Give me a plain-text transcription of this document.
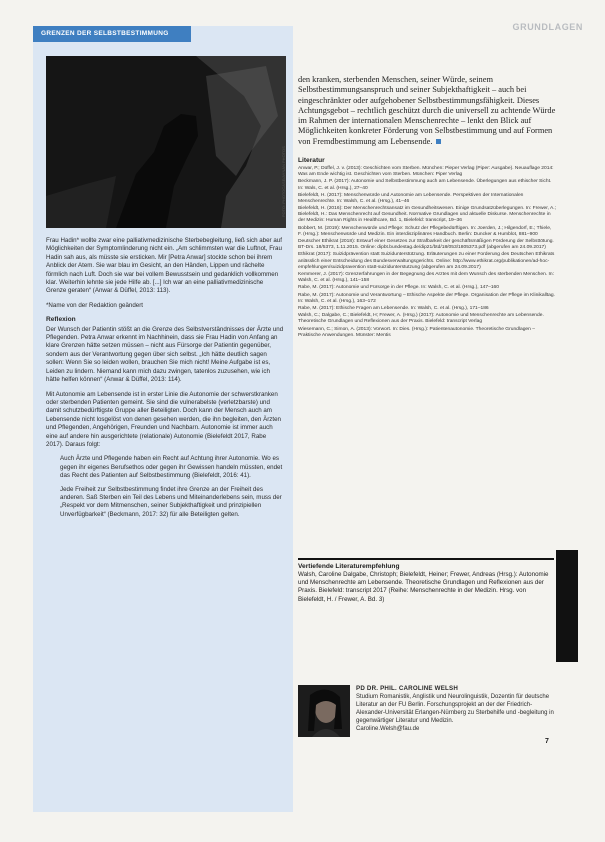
GRUNDLAGEN
GRENZEN DER SELBSTBESTIMMUNG
FOTO: PHOTOCASE/AYNAN PHOTOS

Frau Hadin* wollte zwar eine palliativmedizinische Sterbebegleitung, ließ sich aber auf Möglichkeiten der Symptomlinderung nicht ein. „Am schlimmsten war die Luftnot, Frau Hadin sah aus, als müsste sie ersticken. Mir [Petra Anwar] stockte schon bei ihrem Anblick der Atem. Sie war blau im Gesicht, an den Händen, Lippen und rächelte förmlich nach Luft. Doch sie war bei vollem Bewusstsein und gedanklich vollkommen klar. Weiterhin lehnte sie jede Hilfe ab. [...] Ich war an eine palliativmedizinische Grenze geraten“ (Anwar & Düffel, 2013: 113).

*Name von der Redaktion geändert

Reflexion

Der Wunsch der Patientin stößt an die Grenze des Selbstverständnisses der Ärzte und Pflegenden. Petra Anwar erkennt im Nachhinein, dass sie Frau Hadin von Anfang an klare Grenzen hätte setzen müssen – nicht aus Fürsorge der Patientin gegenüber, sondern aus der Verantwortung gegen über sich selbst. „Ich hätte deutlich sagen sollen: Wenn Sie so leiden wollen, brauchen Sie mich nicht! Meine Aufgabe ist es, Leiden zu lindern. Niemand kann mich dazu zwingen, tatenlos zuzusehen, wie ich hätte helfen können“ (Anwar & Düffel, 2013: 114).

Mit Autonomie am Lebensende ist in erster Linie die Autonomie der schwerstkranken oder sterbenden Patienten gemeint. Sie sind die vulnerabelste (verletzbarste) und damit schutzbedürftigste Gruppe aller Beteiligten. Doch kann der Mensch auch am Lebensende nicht losgelöst von denen gesehen werden, die ihn begleiten, den Ärzten und Pflegenden, Angehörigen, Freunden und Nachbarn. Autonomie ist immer auch eine auf andere hin ausgerichtete (relationale) Autonomie (Bielefeldt 2017, Rabe 2017). Daraus folgt:

Auch Ärzte und Pflegende haben ein Recht auf Achtung ihrer Autonomie. Wo es gegen ihr eigenes Berufsethos oder gegen ihr Gewissen handeln müssten, endet das Recht des Patienten auf Selbstbestimmung (Bielefeldt, 2016: 41).
Jede Freiheit zur Selbstbestimmung findet ihre Grenze an der Freiheit des anderen. Saß Sterben ein Teil des Lebens und Miteinanderlebens sein, muss der „Respekt vor dem Mitmenschen, seiner Subjekthaftigkeit und prinzipiellen Unverfügbarkeit“ (Beckmann, 2017: 32) für alle Beteiligten gelten.

den kranken, sterbenden Menschen, seiner Würde, seinem Selbstbestimmungsanspruch und seiner Subjekthaftigkeit – auch bei eingeschränkter oder aufgehobener Selbstbestimmungsfähigkeit. Dieses Achtungsgebot – rechtlich geschützt durch die universell zu achtende Würde im Rahmen der internationalen Menschenrechte – lenkt den Blick auf Möglichkeiten konkreter Förderung von Selbstbestimmung und auf Formen von Fremdbestimmung am Lebensende.

Literatur
Anwar, P.; Düffel, J. v. (2013): Geschichten vom Sterben. München: Pieper Verlag (Piper: Ausgabe). Neuauflage 2014: Was am Ende wichtig ist. Geschichten vom Sterben. München: Piper Verlag
Beckmann, J. P. (2017): Autonomie und Selbstbestimmung auch am Lebensende. Überlegungen aus ethischer Sicht. In: Wals, C. et al. (Hrsg.), 27–40
Bielefeldt, H. (2017): Menschenwürde und Autonomie am Lebensende. Perspektiven der Internationalen Menschenrechte. In: Walsh, C. et al. (Hrsg.), 41–46
Bielefeldt, H. (2016): Der Menschenrechtsansatz im Gesundheitswesen. Einige Grundsatzüberlegungen. In: Frewer, A.; Bielefeldt, H.: Das Menschenrecht auf Gesundheit. Normative Grundlagen und aktuelle Diskurse. Menschenrechte in der Medizin: Human Rights in Healthcare, Bd. 1, Bielefeld: transcript, 19–36
Bobbert, M. (2019): Menschenwürde und Pflege: Schutz der Pflegebedürftigen. In: Joerden, J.; Hilgendorf, E.; Thiele, F. (Hrsg.): Menschenwürde und Medizin. Ein interdisziplinäres Handbuch. Berlin: Duncker & Humblot, 881–900
Deutscher Ethikrat (2018): Entwurf einer Gesetzes zur Strafbarkeit der geschäftsmäßigen Förderung der Selbsttötung. BT-Drs. 18/5373, 1.11.2015. Online: dipbt.bundestag.de/dip21/btd/18/053/1805373.pdf (abgerufen am 24.09.2017)
Ethikrat (2017): Suizidprävention statt Suizidunterstützung. Erläuterungen zu einer Forderung des Deutschen Ethikrats anlässlich einer Entscheidung des Bundesverwaltungsgerichts. Online: http://www.ethikrat.org/publikationen/ad-hoc-empfehlungen/suizidpravention statt-suizidunterstutzung (abgerufen am 24.09.2017)
Kemmerer, J. (2017): Grenzerfahrungen in der Begegnung des Arztes mit dem Wunsch des sterbenden Menschen. In: Walsh, C. et al. (Hrsg.), 141–158
Rabe, M. (2017): Autonomie und Fürsorge in der Pflege. In: Walsh, C. et al. (Hrsg.), 147–160
Rabe, M. (2017): Autonomie und Verantwortung – Ethische Aspekte der Pflege. Organisation der Pflege im Klinikalltag. In: Walsh, C. et al. (Hrsg.), 163–172
Rabe, M. (2017): Ethische Fragen am Lebensende. In: Walsh, C. et al. (Hrsg.), 171–186
Walsh, C.; Dalgabe, C.; Bielefeldt, H; Frewer, A. (Hrsg.) (2017): Autonomie und Menschenrechte am Lebensende. Theoretische Grundlagen und Reflexionen aus der Praxis. Bielefeld: transcript Verlag
Wiesemann, C.; Simon, A. (2013): Vorwort. In: Dies. (Hrsg.): Patientenautonomie. Theoretische Grundlagen – Praktische Anwendungen. Münster: Mentis
Vertiefende Literaturempfehlung

Walsh, Caroline Dalgabe, Christoph; Bielefeldt, Heiner; Frewer, Andreas (Hrsg.): Autonomie und Menschenrechte am Lebensende. Theoretische Grundlagen und Reflexionen aus der Praxis. Bielefeld: transcript 2017 (Reihe: Menschenrechte in der Medizin. Hrsg. von Bielefeldt, H. / Frewer, A. Bd. 3)

PD DR. PHIL. CAROLINE WELSH
Studium Romanistik, Anglistik und Neurolinguistik, Dozentin für deutsche Literatur an der FU Berlin. Forschungsprojekt an der der Friedrich-Alexander-Universität Erlangen-Nürnberg zu Sterbehilfe und -begleitung in gegenwärtiger Literatur und Medizin.
Caroline.Welsh@fau.de
7
